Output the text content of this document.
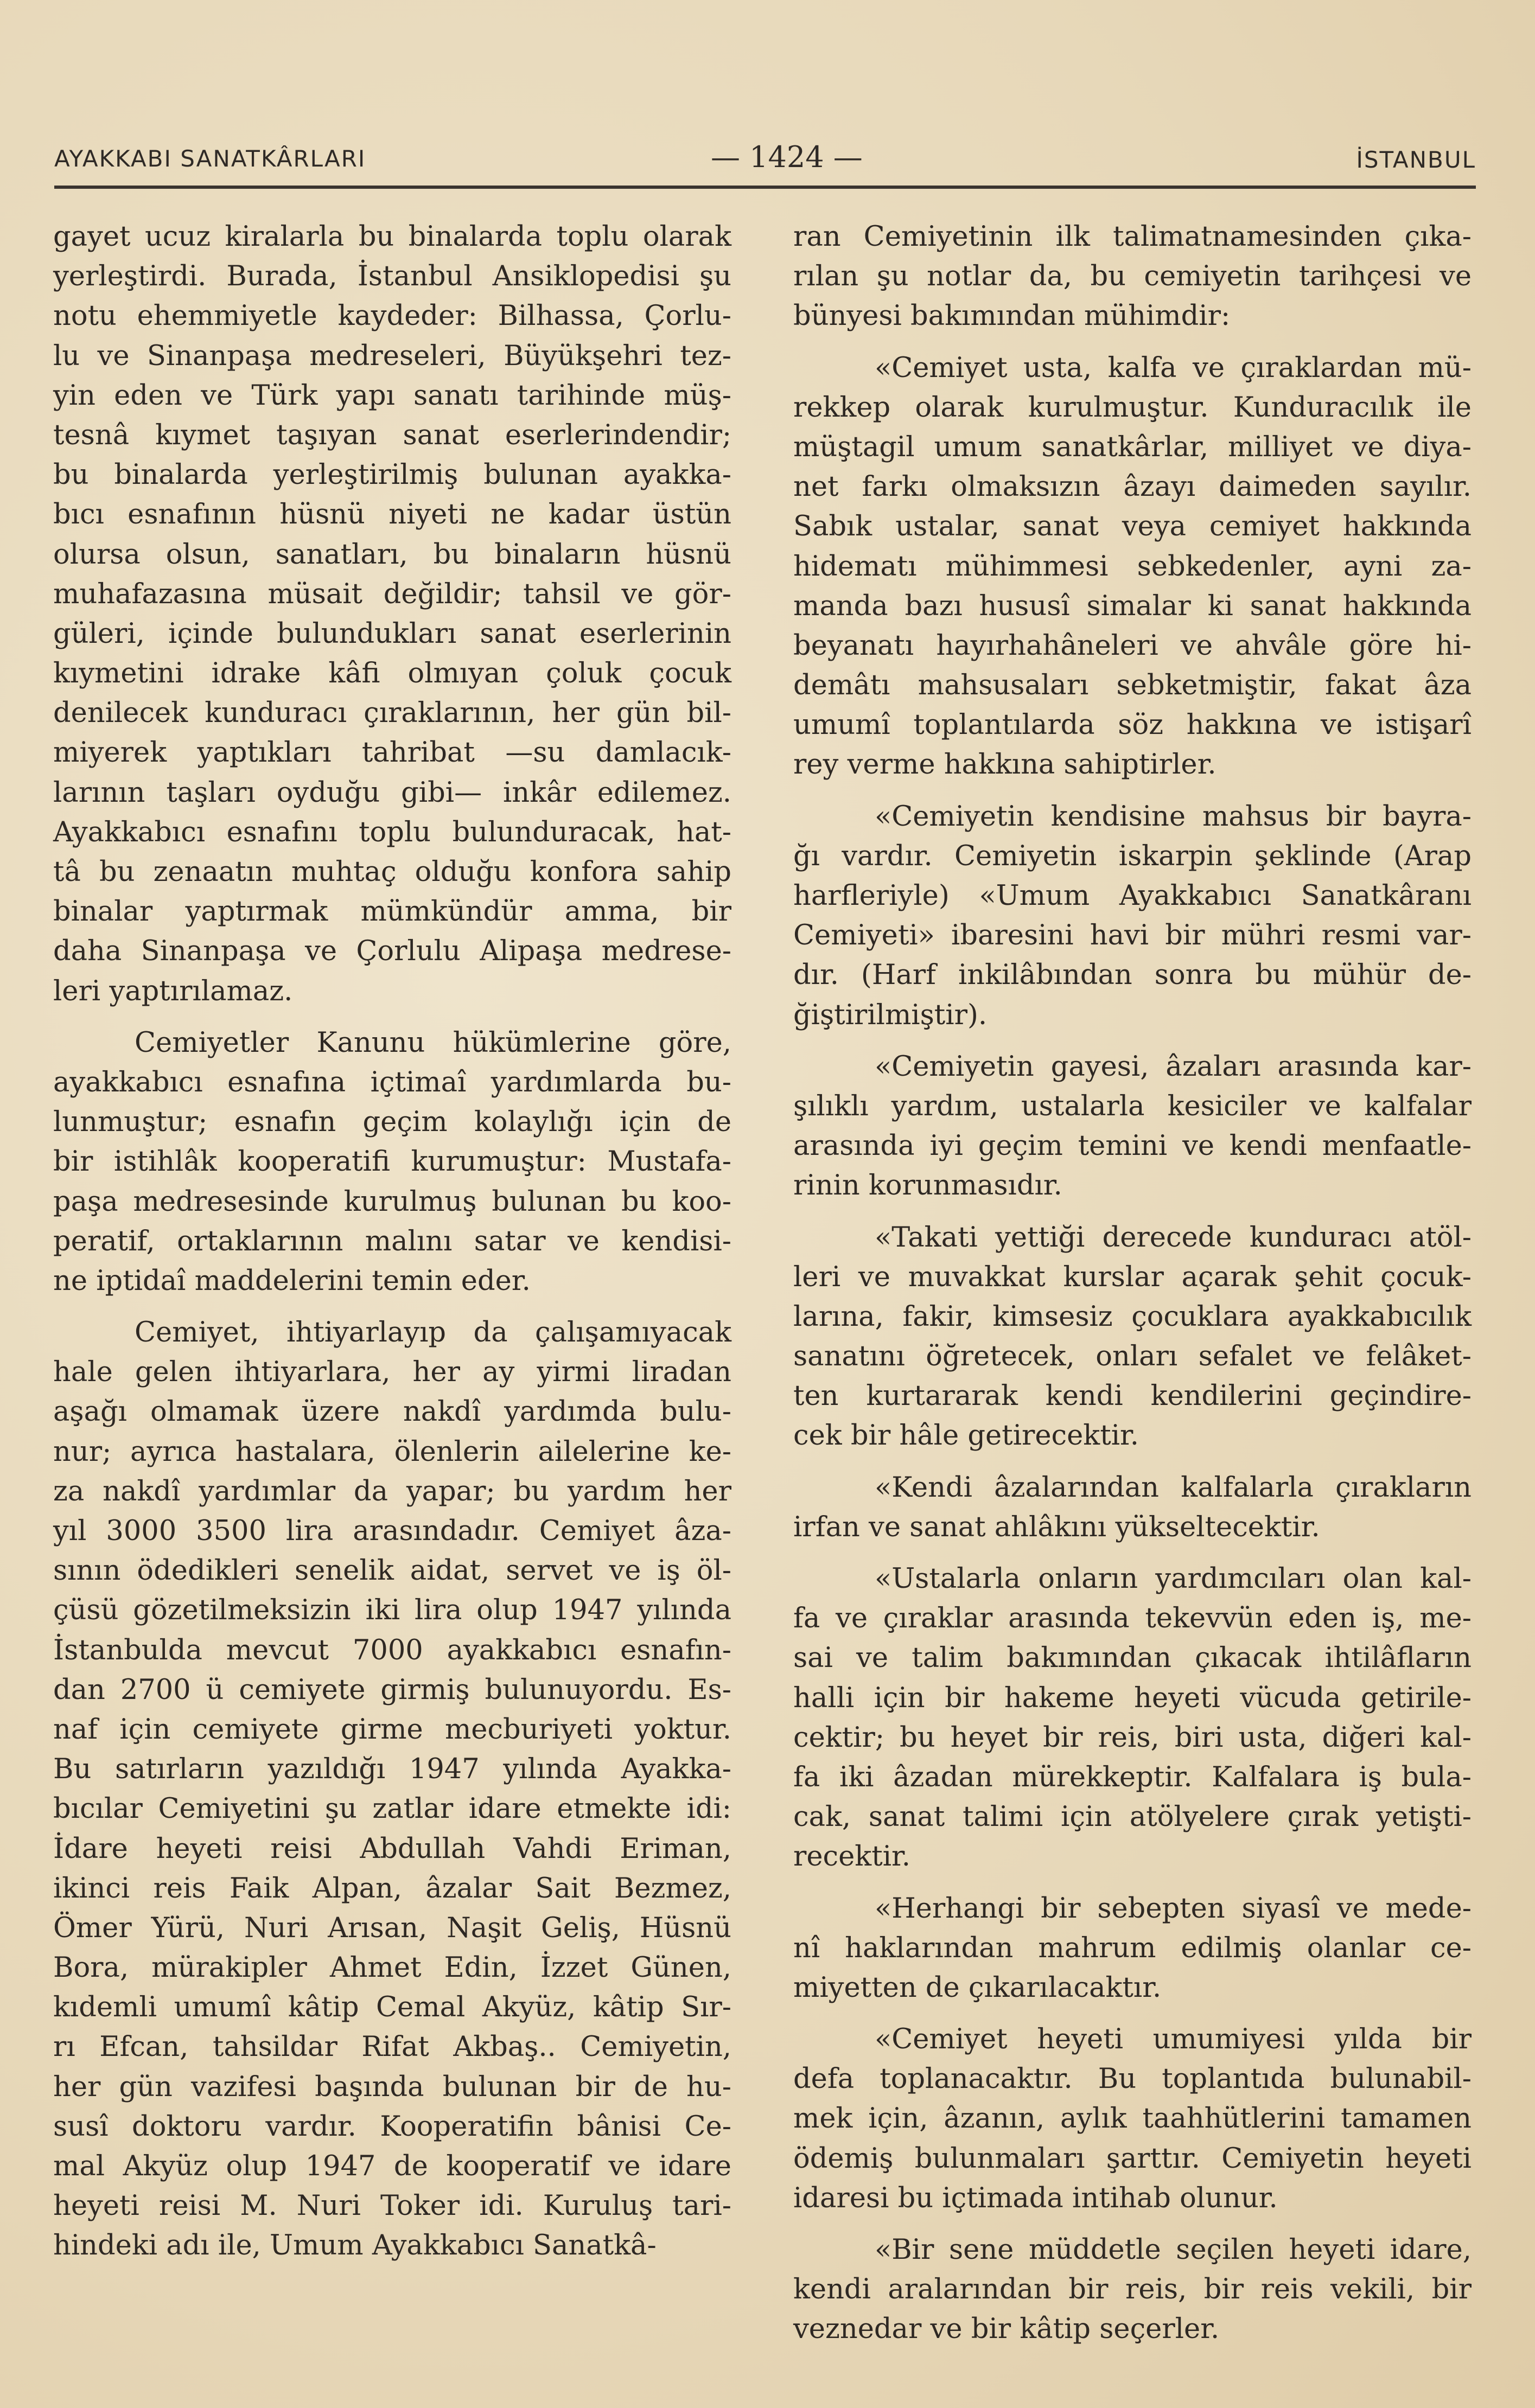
AYAKKABI SANATKÂRLARI	— 1424 —	İSTANBUL
gayet ucuz kiralarla bu binalarda toplu olarak
yerleştirdi. Burada, İstanbul Ansiklopedisi şu
notu ehemmiyetle kaydeder: Bilhassa, Çorlu-
lu ve Sinanpaşa medreseleri, Büyükşehri tez-
yin eden ve Türk yapı sanatı tarihinde müş-
tesnâ kıymet taşıyan sanat eserlerindendir;
bu binalarda yerleştirilmiş bulunan ayakka-
bıcı esnafının hüsnü niyeti ne kadar üstün
olursa olsun, sanatları, bu binaların hüsnü
muhafazasına müsait değildir; tahsil ve gör-
güleri, içinde bulundukları sanat eserlerinin
kıymetini idrake kâfi olmıyan çoluk çocuk
denilecek kunduracı çıraklarının, her gün bil-
miyerek yaptıkları tahribat —su damlacık-
larının taşları oyduğu gibi— inkâr edilemez.
Ayakkabıcı esnafını toplu bulunduracak, hat-
tâ bu zenaatın muhtaç olduğu konfora sahip
binalar yaptırmak mümkündür amma, bir
daha Sinanpaşa ve Çorlulu Alipaşa medrese-
leri yaptırılamaz.
Cemiyetler Kanunu hükümlerine göre,
ayakkabıcı esnafına içtimaî yardımlarda bu-
lunmuştur; esnafın geçim kolaylığı için de
bir istihlâk kooperatifi kurumuştur: Mustafa-
paşa medresesinde kurulmuş bulunan bu koo-
peratif, ortaklarının malını satar ve kendisi-
ne iptidaî maddelerini temin eder.
Cemiyet, ihtiyarlayıp da çalışamıyacak
hale gelen ihtiyarlara, her ay yirmi liradan
aşağı olmamak üzere nakdî yardımda bulu-
nur; ayrıca hastalara, ölenlerin ailelerine ke-
za nakdî yardımlar da yapar; bu yardım her
yıl 3000 3500 lira arasındadır. Cemiyet âza-
sının ödedikleri senelik aidat, servet ve iş öl-
çüsü gözetilmeksizin iki lira olup 1947 yılında
İstanbulda mevcut 7000 ayakkabıcı esnafın-
dan 2700 ü cemiyete girmiş bulunuyordu. Es-
naf için cemiyete girme mecburiyeti yoktur.
Bu satırların yazıldığı 1947 yılında Ayakka-
bıcılar Cemiyetini şu zatlar idare etmekte idi:
İdare heyeti reisi Abdullah Vahdi Eriman,
ikinci reis Faik Alpan, âzalar Sait Bezmez,
Ömer Yürü, Nuri Arısan, Naşit Geliş, Hüsnü
Bora, mürakipler Ahmet Edin, İzzet Günen,
kıdemli umumî kâtip Cemal Akyüz, kâtip Sır-
rı Efcan, tahsildar Rifat Akbaş.. Cemiyetin,
her gün vazifesi başında bulunan bir de hu-
susî doktoru vardır. Kooperatifin bânisi Ce-
mal Akyüz olup 1947 de kooperatif ve idare
heyeti reisi M. Nuri Toker idi. Kuruluş tari-
hindeki adı ile, Umum Ayakkabıcı Sanatkâ-
ran Cemiyetinin ilk talimatnamesinden çıka-
rılan şu notlar da, bu cemiyetin tarihçesi ve
bünyesi bakımından mühimdir:
«Cemiyet usta, kalfa ve çıraklardan mü-
rekkep olarak kurulmuştur. Kunduracılık ile
müştagil umum sanatkârlar, milliyet ve diya-
net farkı olmaksızın âzayı daimeden sayılır.
Sabık ustalar, sanat veya cemiyet hakkında
hidematı mühimmesi sebkedenler, ayni za-
manda bazı hususî simalar ki sanat hakkında
beyanatı hayırhahâneleri ve ahvâle göre hi-
demâtı mahsusaları sebketmiştir, fakat âza
umumî toplantılarda söz hakkına ve istişarî
rey verme hakkına sahiptirler.
«Cemiyetin kendisine mahsus bir bayra-
ğı vardır. Cemiyetin iskarpin şeklinde (Arap
harfleriyle) «Umum Ayakkabıcı Sanatkâranı
Cemiyeti» ibaresini havi bir mühri resmi var-
dır. (Harf inkilâbından sonra bu mühür de-
ğiştirilmiştir).
«Cemiyetin gayesi, âzaları arasında kar-
şılıklı yardım, ustalarla kesiciler ve kalfalar
arasında iyi geçim temini ve kendi menfaatle-
rinin korunmasıdır.
«Takati yettiği derecede kunduracı atöl-
leri ve muvakkat kurslar açarak şehit çocuk-
larına, fakir, kimsesiz çocuklara ayakkabıcılık
sanatını öğretecek, onları sefalet ve felâket-
ten kurtararak kendi kendilerini geçindire-
cek bir hâle getirecektir.
«Kendi âzalarından kalfalarla çırakların
irfan ve sanat ahlâkını yükseltecektir.
«Ustalarla onların yardımcıları olan kal-
fa ve çıraklar arasında tekevvün eden iş, me-
sai ve talim bakımından çıkacak ihtilâfların
halli için bir hakeme heyeti vücuda getirile-
cektir; bu heyet bir reis, biri usta, diğeri kal-
fa iki âzadan mürekkeptir. Kalfalara iş bula-
cak, sanat talimi için atölyelere çırak yetişti-
recektir.
«Herhangi bir sebepten siyasî ve mede-
nî haklarından mahrum edilmiş olanlar ce-
miyetten de çıkarılacaktır.
«Cemiyet heyeti umumiyesi yılda bir
defa toplanacaktır. Bu toplantıda bulunabil-
mek için, âzanın, aylık taahhütlerini tamamen
ödemiş bulunmaları şarttır. Cemiyetin heyeti
idaresi bu içtimada intihab olunur.
«Bir sene müddetle seçilen heyeti idare,
kendi aralarından bir reis, bir reis vekili, bir
veznedar ve bir kâtip seçerler.
